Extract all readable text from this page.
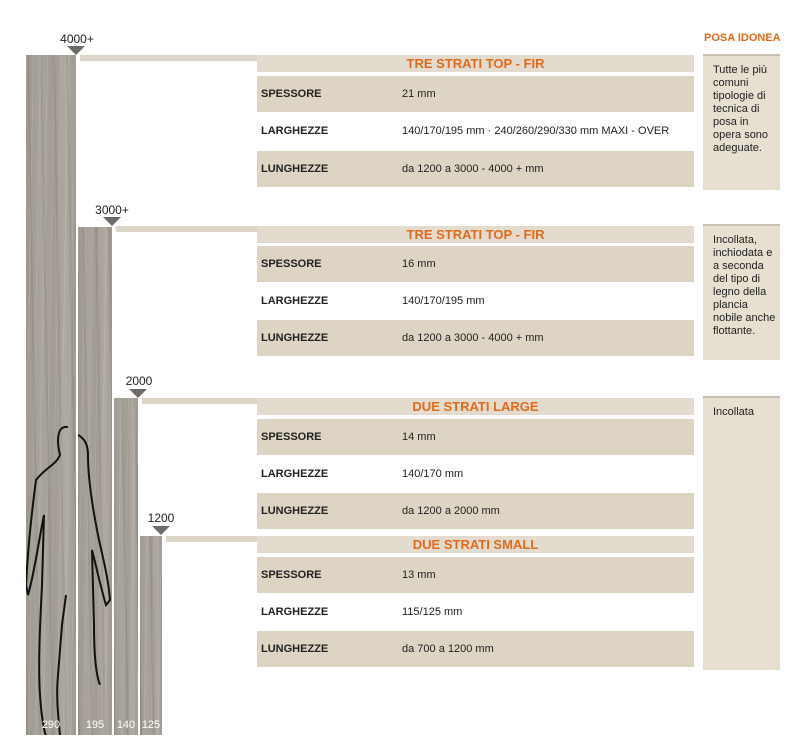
290	195	140 125
4000+
3000+
2000
1200
TRE STRATI TOP - FIR
SPESSORE	21 mm
LARGHEZZE	140/170/195 mm · 240/260/290/330 mm MAXI - OVER
LUNGHEZZE	da 1200 a 3000 - 4000 + mm
TRE STRATI TOP - FIR
SPESSORE	16 mm
LARGHEZZE	140/170/195 mm
LUNGHEZZE	da 1200 a 3000 - 4000 + mm
DUE STRATI LARGE
SPESSORE	14 mm
LARGHEZZE	140/170 mm
LUNGHEZZE	da 1200 a 2000 mm
DUE STRATI SMALL
SPESSORE	13 mm
LARGHEZZE	115/125 mm
LUNGHEZZE	da 700 a 1200 mm
POSA IDONEA
Tutte le più comuni tipologie di tecnica di posa in opera sono adeguate.
Incollata, inchiodata e a seconda del tipo di legno della plancia nobile anche flottante.
Incollata
